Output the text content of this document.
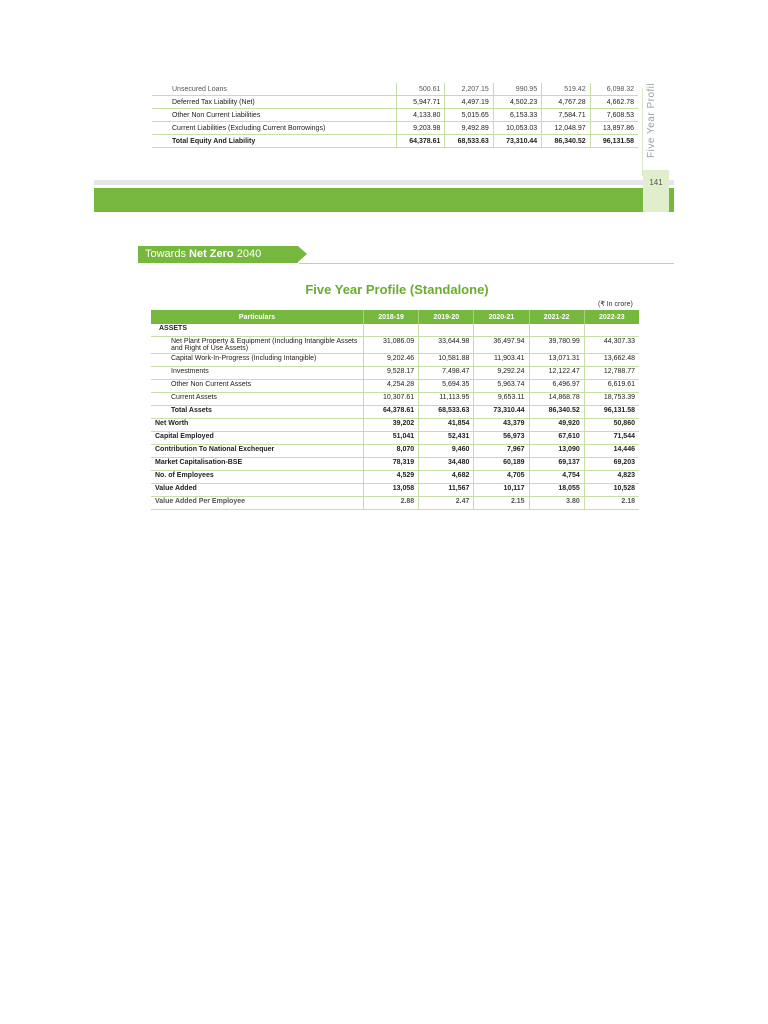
Unsecured Loans	500.61	2,207.15	990.95	519.42	6,098.32
Deferred Tax Liability (Net)	5,947.71	4,497.19	4,502.23	4,767.28	4,662.78
Other Non Current Liabilities	4,133.80	5,015.65	6,153.33	7,584.71	7,608.53
Current Liabilities (Excluding Current Borrowings)	9,203.98	9,492.89	10,053.03	12,048.97	13,897.86
Total Equity And Liability	64,378.61	68,533.63	73,310.44	86,340.52	96,131.58 Five Year Profil
141
Towards Net Zero 2040
Five Year Profile (Standalone)
(₹ In crore)
Particulars	2018-19	2019-20	2020-21	2021-22	2022-23
ASSETS					
Net Plant Property & Equipment (Including Intangible Assets and Right of Use Assets)	31,086.09	33,644.98	36,497.94	39,780.99	44,307.33
Capital Work-In-Progress (Including Intangible)	9,202.46	10,581.88	11,903.41	13,071.31	13,662.48
Investments	9,528.17	7,498.47	9,292.24	12,122.47	12,788.77
Other Non Current Assets	4,254.28	5,694.35	5,963.74	6,496.97	6,619.61
Current Assets	10,307.61	11,113.95	9,653.11	14,868.78	18,753.39
Total Assets	64,378.61	68,533.63	73,310.44	86,340.52	96,131.58
Net Worth	39,202	41,854	43,379	49,920	50,860
Capital Employed	51,041	52,431	56,973	67,610	71,544
Contribution To National Exchequer	8,070	9,460	7,967	13,090	14,446
Market Capitalisation-BSE	78,319	34,480	60,189	69,137	69,203
No. of Employees	4,529	4,682	4,705	4,754	4,823
Value Added	13,058	11,567	10,117	18,055	10,528
Value Added Per Employee	2.88	2.47	2.15	3.80	2.18
